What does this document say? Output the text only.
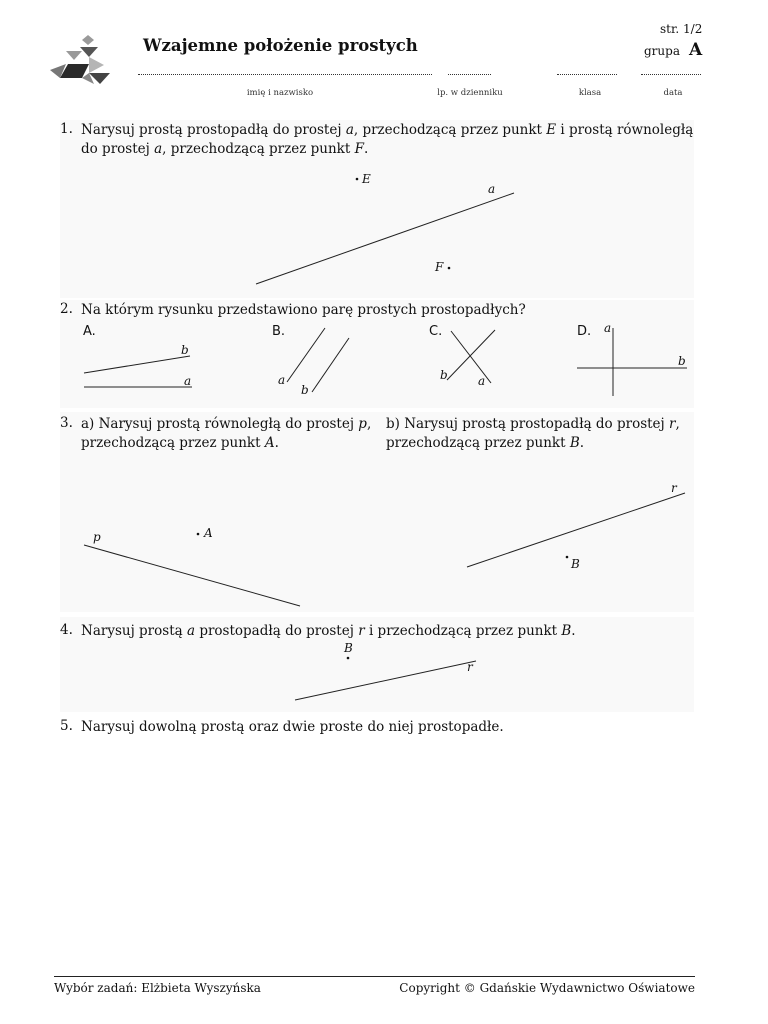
Wzajemne położenie prostych
str. 1/2
grupa A
imię i nazwisko	lp. w dzienniku	klasa	data
1. Narysuj prostą prostopadłą do prostej a, przechodzącą przez punkt E i prostą równoległą
do prostej a, przechodzącą przez punkt F.
E
a
F
2. Na którym rysunku przedstawiono parę prostych prostopadłych?
A.	B.	C.	D.
b
a	a
b
b	a
a
b
3. a) Narysuj prostą równoległą do prostej p,
przechodzącą przez punkt A.
b) Narysuj prostą prostopadłą do prostej r,
przechodzącą przez punkt B.
p	A
r
B
4. Narysuj prostą a prostopadłą do prostej r i przechodzącą przez punkt B.
B
r
5. Narysuj dowolną prostą oraz dwie proste do niej prostopadłe.
Wybór zadań: Elżbieta Wyszyńska	Copyright © Gdańskie Wydawnictwo Oświatowe
